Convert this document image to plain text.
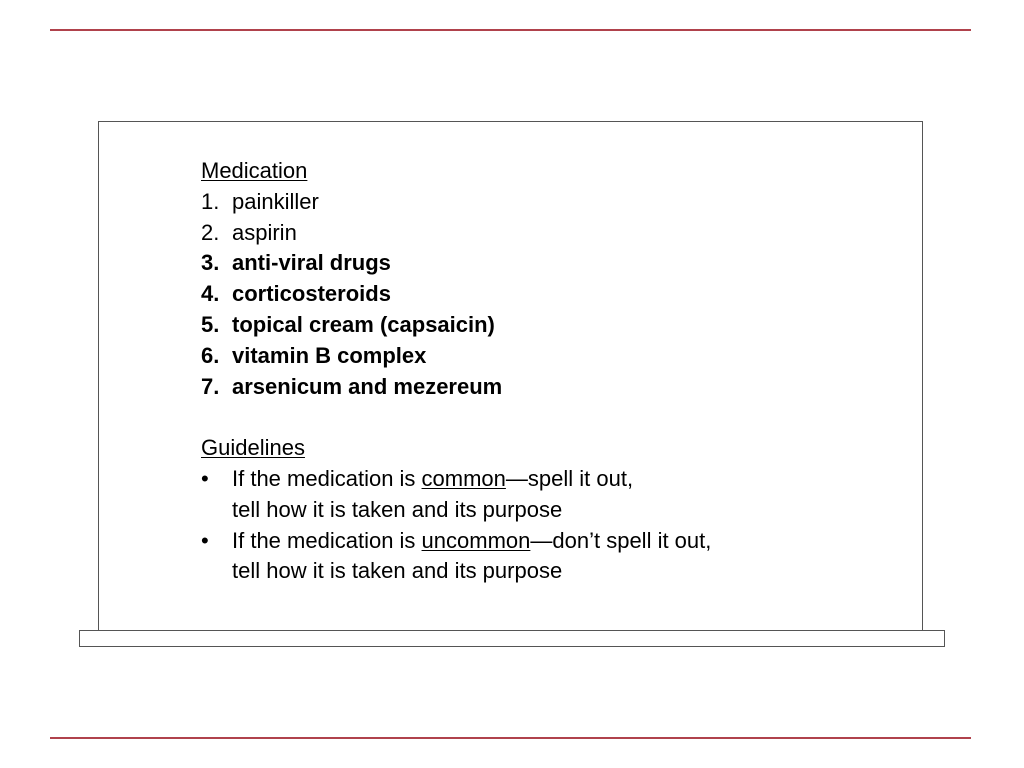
Medication
1. painkiller
2. aspirin
3. anti-viral drugs
4. corticosteroids
5. topical cream (capsaicin)
6. vitamin B complex
7. arsenicum and mezereum
Guidelines
•	If the medication is common—spell it out,
tell how it is taken and its purpose
•	If the medication is uncommon—don’t spell it out,
tell how it is taken and its purpose
